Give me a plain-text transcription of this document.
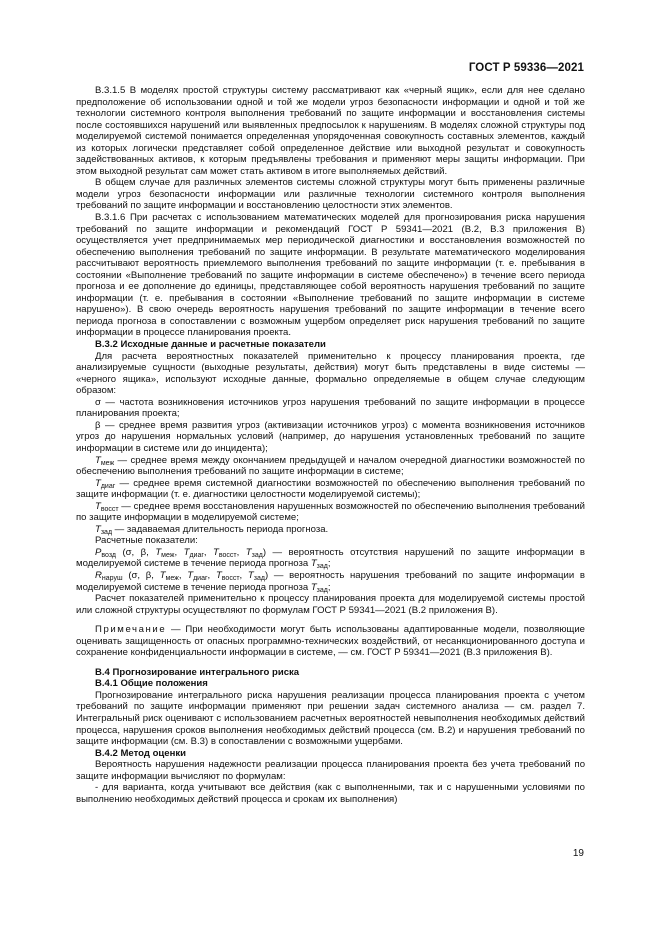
ГОСТ Р 59336—2021

В.3.1.5 В моделях простой структуры систему рассматривают как «черный ящик», если для нее сделано предположение об использовании одной и той же модели угроз безопасности информации и одной и той же технологии системного контроля выполнения требований по защите информации и восстановления системы после состоявшихся нарушений или выявленных предпосылок к нарушениям. В моделях сложной структуры под моделируемой системой понимается определенная упорядоченная совокупность составных элементов, каждый из которых логически представляет собой определенное действие или выходной результат и совокупность задействованных активов, к которым предъявлены требования и применяют меры защиты информации. При этом выходной результат сам может стать активом в итоге выполняемых действий.

В общем случае для различных элементов системы сложной структуры могут быть применены различные модели угроз безопасности информации или различные технологии системного контроля выполнения требований по защите информации и восстановлению целостности этих элементов.

В.3.1.6 При расчетах с использованием математических моделей для прогнозирования риска нарушения требований по защите информации и рекомендаций ГОСТ Р 59341—2021 (В.2, В.3 приложения В) осуществляется учет предпринимаемых мер периодической диагностики и восстановления возможностей по обеспечению выполнения требований по защите информации. В результате математического моделирования рассчитывают вероятность приемлемого выполнения требований по защите информации (т. е. пребывания в состоянии «Выполнение требований по защите информации в системе обеспечено») в течение всего периода прогноза и ее дополнение до единицы, представляющее собой вероятность нарушения требований по защите информации (т. е. пребывания в состоянии «Выполнение требований по защите информации в системе нарушено»). В свою очередь вероятность нарушения требований по защите информации в течение всего периода прогноза в сопоставлении с возможным ущербом определяет риск нарушения требований по защите информации в процессе планирования проекта.

В.3.2 Исходные данные и расчетные показатели

Для расчета вероятностных показателей применительно к процессу планирования проекта, где анализируемые сущности (выходные результаты, действия) могут быть представлены в виде системы — «черного ящика», используют исходные данные, формально определяемые в общем случае следующим образом:

σ — частота возникновения источников угроз нарушения требований по защите информации в процессе планирования проекта;

β — среднее время развития угроз (активизации источников угроз) с момента возникновения источников угроз до нарушения нормальных условий (например, до нарушения установленных требований по защите информации в системе или до инцидента);

$T_{меж}$ — среднее время между окончанием предыдущей и началом очередной диагностики возможностей по обеспечению выполнения требований по защите информации в системе;

$T_{диаг}$ — среднее время системной диагностики возможностей по обеспечению выполнения требований по защите информации (т. е. диагностики целостности моделируемой системы);

$T_{восст}$ — среднее время восстановления нарушенных возможностей по обеспечению выполнения требований по защите информации в моделируемой системе;

$T_{зад}$ — задаваемая длительность периода прогноза.

Расчетные показатели:

$P_{возд}$ (σ, β, $T_{меж}$, $T_{диаг}$, $T_{восст}$, $T_{зад}$) — вероятность отсутствия нарушений по защите информации в моделируемой системе в течение периода прогноза $T_{зад}$;

$R_{наруш}$ (σ, β, $T_{меж}$, $T_{диаг}$, $T_{восст}$, $T_{зад}$) — вероятность нарушения требований по защите информации в моделируемой системе в течение периода прогноза $T_{зад}$;

Расчет показателей применительно к процессу планирования проекта для моделируемой системы простой или сложной структуры осуществляют по формулам ГОСТ Р 59341—2021 (В.2 приложения В).

Примечание — При необходимости могут быть использованы адаптированные модели, позволяющие оценивать защищенность от опасных программно-технических воздействий, от несанкционированного доступа и сохранение конфиденциальности информации в системе, — см. ГОСТ Р 59341—2021 (В.3 приложения В).

В.4 Прогнозирование интегрального риска

В.4.1 Общие положения

Прогнозирование интегрального риска нарушения реализации процесса планирования проекта с учетом требований по защите информации применяют при решении задач системного анализа — см. раздел 7. Интегральный риск оценивают с использованием расчетных вероятностей невыполнения необходимых действий процесса, нарушения сроков выполнения необходимых действий процесса (см. В.2) и нарушения требований по защите информации (см. В.3) в сопоставлении с возможными ущербами.

В.4.2 Метод оценки

Вероятность нарушения надежности реализации процесса планирования проекта без учета требований по защите информации вычисляют по формулам:

- для варианта, когда учитывают все действия (как с выполненными, так и с нарушенными условиями по выполнению необходимых действий процесса и срокам их выполнения)

19
